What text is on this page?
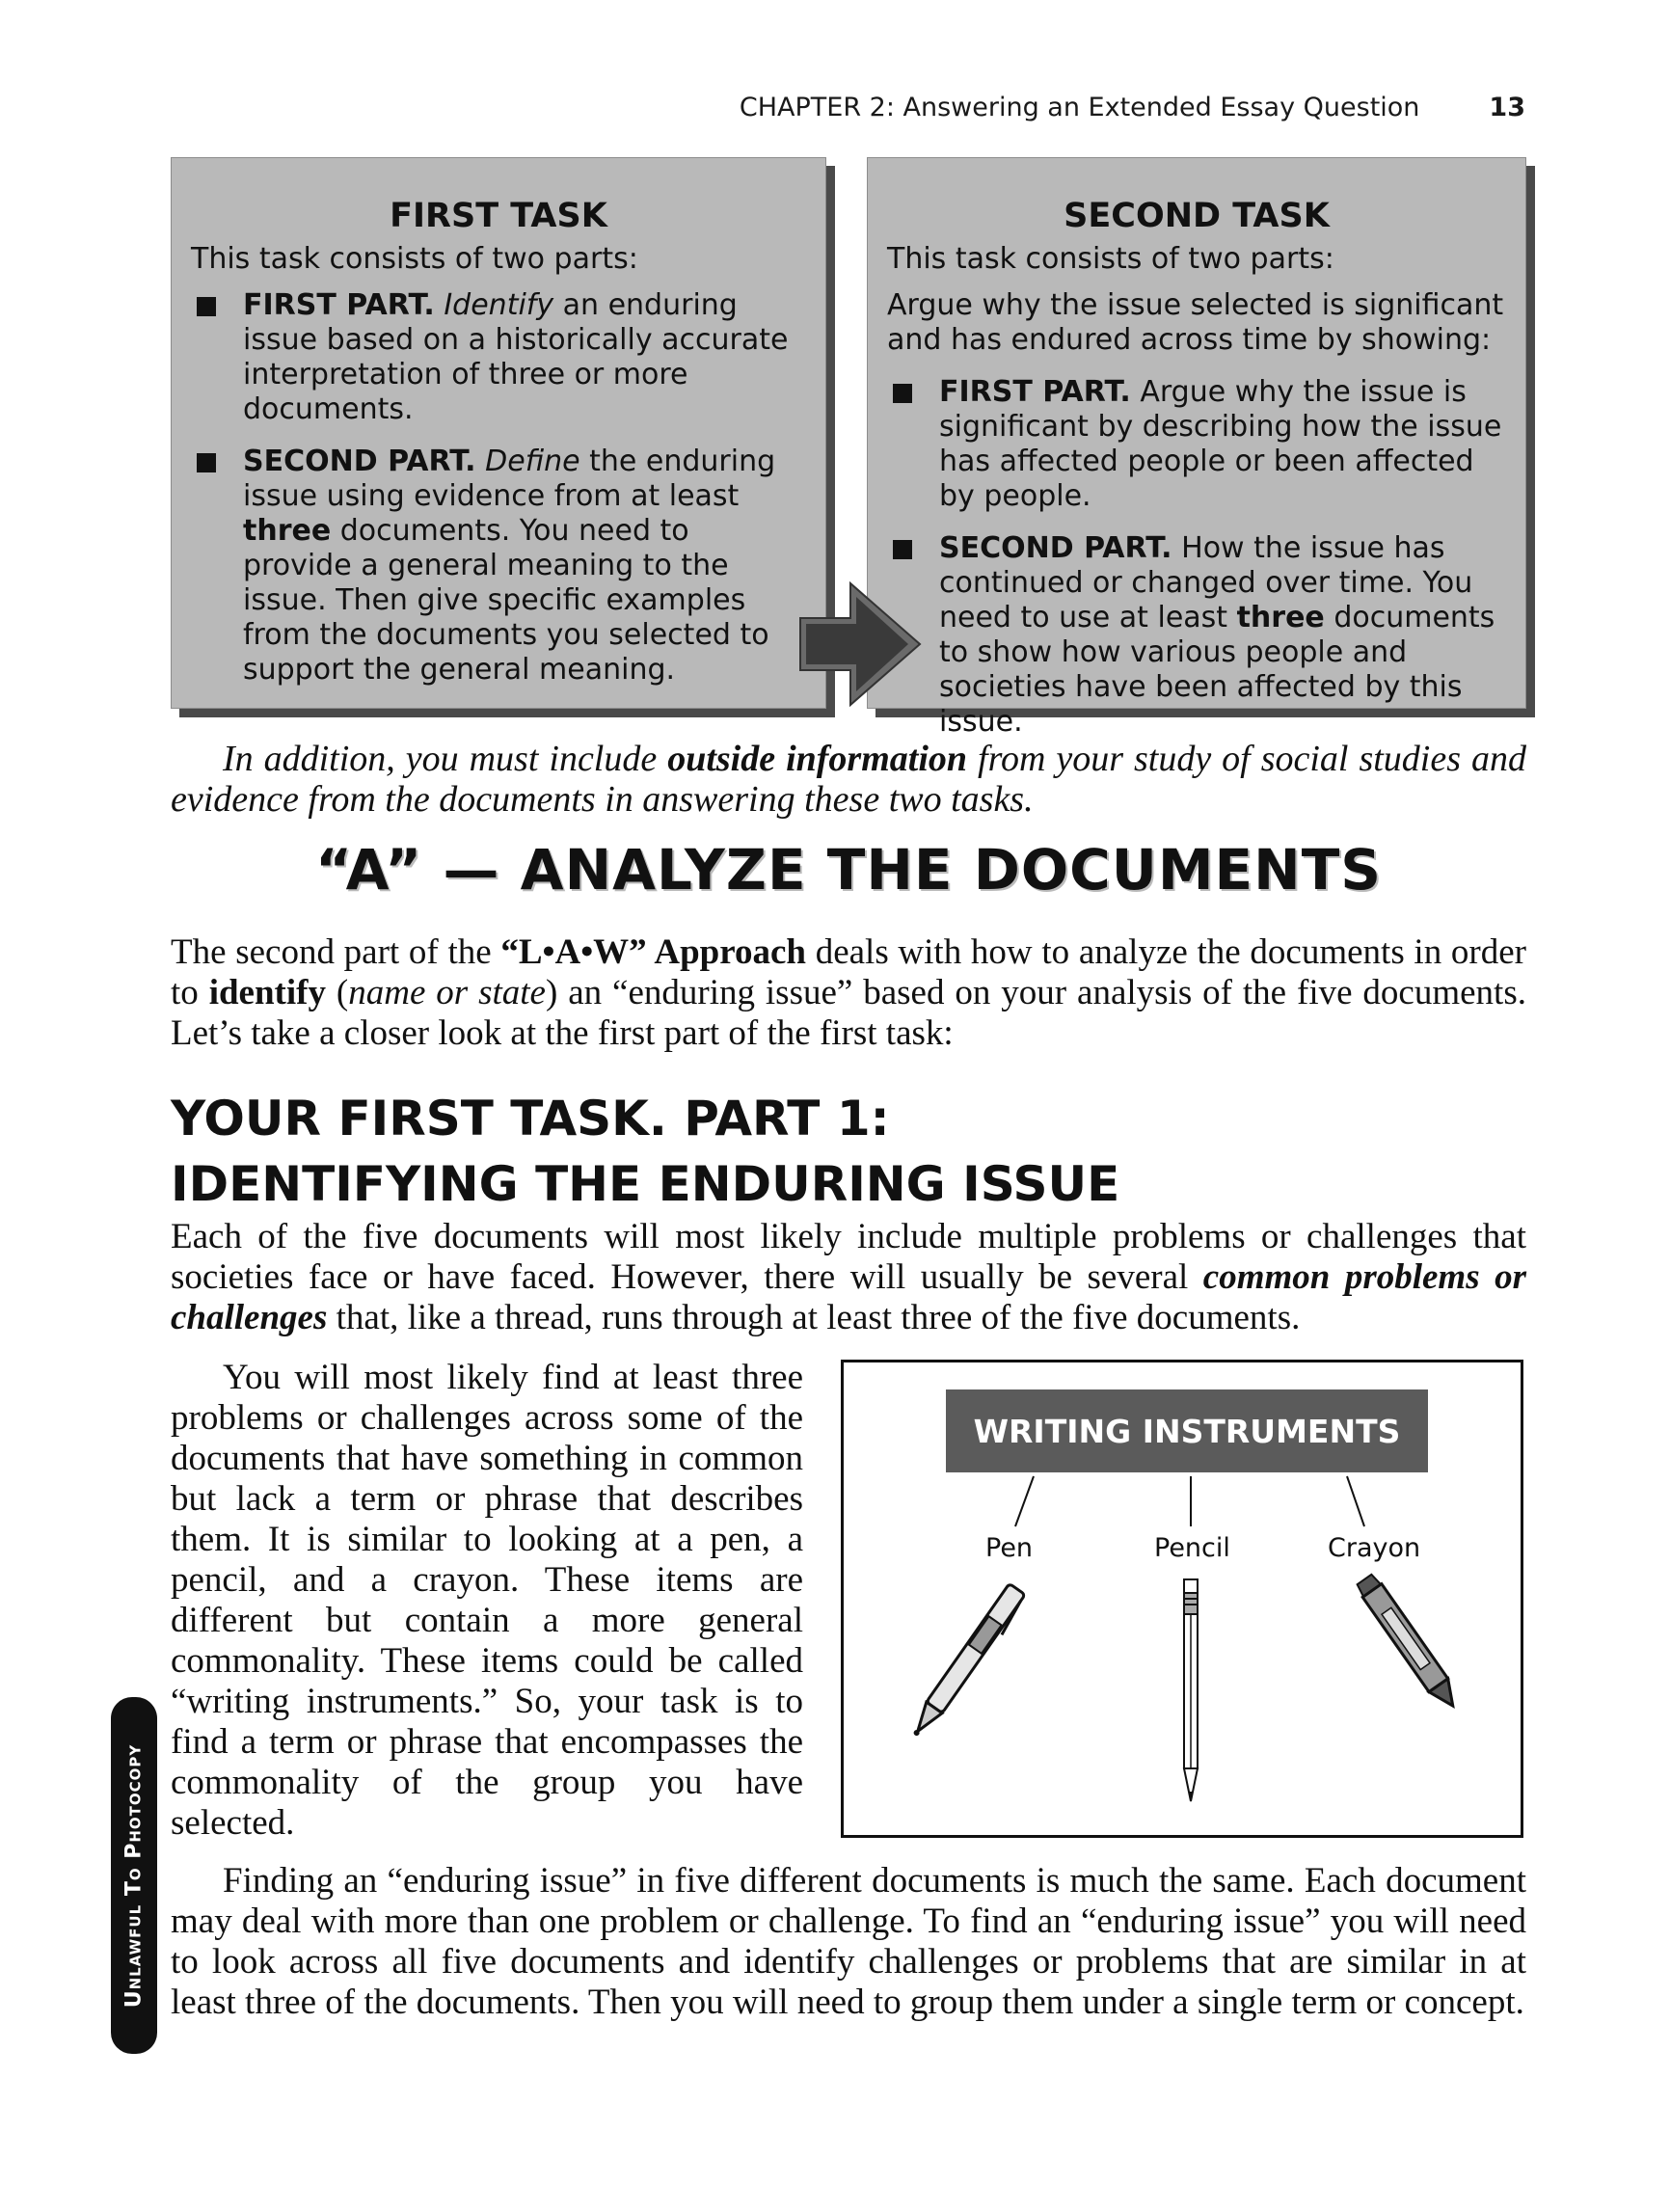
CHAPTER 2: Answering an Extended Essay Question	13
FIRST TASK

This task consists of two parts:

FIRST PART. Identify an enduring issue based on a historically accurate interpretation of three or more documents.
SECOND PART. Define the enduring issue using evidence from at least three documents. You need to provide a general meaning to the issue. Then give specific examples from the documents you selected to support the general meaning.
SECOND TASK

This task consists of two parts:

Argue why the issue selected is significant and has endured across time by showing:

FIRST PART. Argue why the issue is significant by describing how the issue has affected people or been affected by people.
SECOND PART. How the issue has continued or changed over time. You need to use at least three documents to show how various people and societies have been affected by this issue.

In addition, you must include outside information from your study of social studies and evidence from the documents in answering these two tasks.

“A” — ANALYZE THE DOCUMENTS

The second part of the “L•A•W” Approach deals with how to analyze the documents in order to identify (name or state) an “enduring issue” based on your analysis of the five documents. Let’s take a closer look at the first part of the first task:

YOUR FIRST TASK. PART 1:
IDENTIFYING THE ENDURING ISSUE

Each of the five documents will most likely include multiple problems or challenges that societies face or have faced. However, there will usually be several common problems or challenges that, like a thread, runs through at least three of the five documents.

You will most likely find at least three problems or challenges across some of the documents that have something in common but lack a term or phrase that describes them. It is similar to looking at a pen, a pencil, and a crayon. These items are different but contain a more general commonality. These items could be called “writing instruments.” So, your task is to find a term or phrase that encompasses the commonality of the group you have selected.

WRITING INSTRUMENTS
Pen	Pencil	Crayon

Finding an “enduring issue” in five different documents is much the same. Each document may deal with more than one problem or challenge. To find an “enduring issue” you will need to look across all five documents and identify challenges or problems that are similar in at least three of the documents. Then you will need to group them under a single term or concept.

Unlawful To Photocopy
